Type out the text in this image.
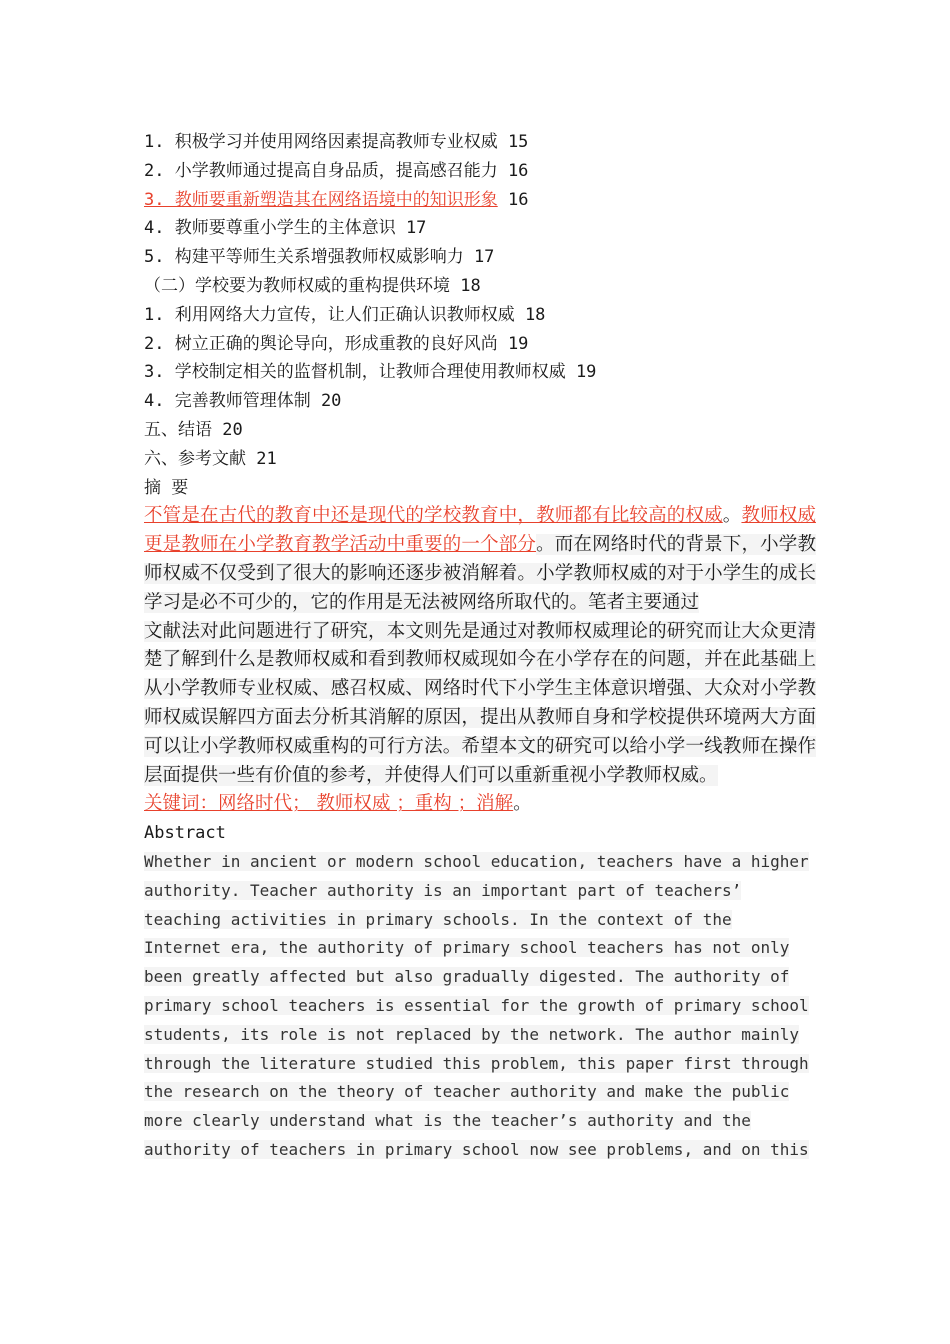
1. 积极学习并使用网络因素提高教师专业权威 15
2. 小学教师通过提高自身品质，提高感召能力 16
3. 教师要重新塑造其在网络语境中的知识形象 16
4. 教师要尊重小学生的主体意识 17
5. 构建平等师生关系增强教师权威影响力 17
（二）学校要为教师权威的重构提供环境 18
1. 利用网络大力宣传，让人们正确认识教师权威 18
2. 树立正确的舆论导向，形成重教的良好风尚 19
3. 学校制定相关的监督机制，让教师合理使用教师权威 19
4. 完善教师管理体制 20
五、结语 20
六、参考文献 21
摘 要

不管是在古代的教育中还是现代的学校教育中，教师都有比较高的权威。教师权威更是教师在小学教育教学活动中重要的一个部分。而在网络时代的背景下，小学教师权威不仅受到了很大的影响还逐步被消解着。小学教师权威的对于小学生的成长学习是必不可少的，它的作用是无法被网络所取代的。笔者主要通过

文献法对此问题进行了研究，本文则先是通过对教师权威理论的研究而让大众更清楚了解到什么是教师权威和看到教师权威现如今在小学存在的问题，并在此基础上从小学教师专业权威、感召权威、网络时代下小学生主体意识增强、大众对小学教师权威误解四方面去分析其消解的原因，提出从教师自身和学校提供环境两大方面可以让小学教师权威重构的可行方法。希望本文的研究可以给小学一线教师在操作层面提供一些有价值的参考，并使得人们可以重新重视小学教师权威。

关键词：网络时代； 教师权威 ；重构 ；消解。

Abstract

Whether in ancient or modern school education, teachers have a higher authority. Teacher authority is an important part of teachers’ teaching activities in primary schools. In the context of the Internet era, the authority of primary school teachers has not only been greatly affected but also gradually digested. The authority of primary school teachers is essential for the growth of primary school students, its role is not replaced by the network. The author mainly through the literature studied this problem, this paper first through the research on the theory of teacher authority and make the public more clearly understand what is the teacher’s authority and the authority of teachers in primary school now see problems, and on this
